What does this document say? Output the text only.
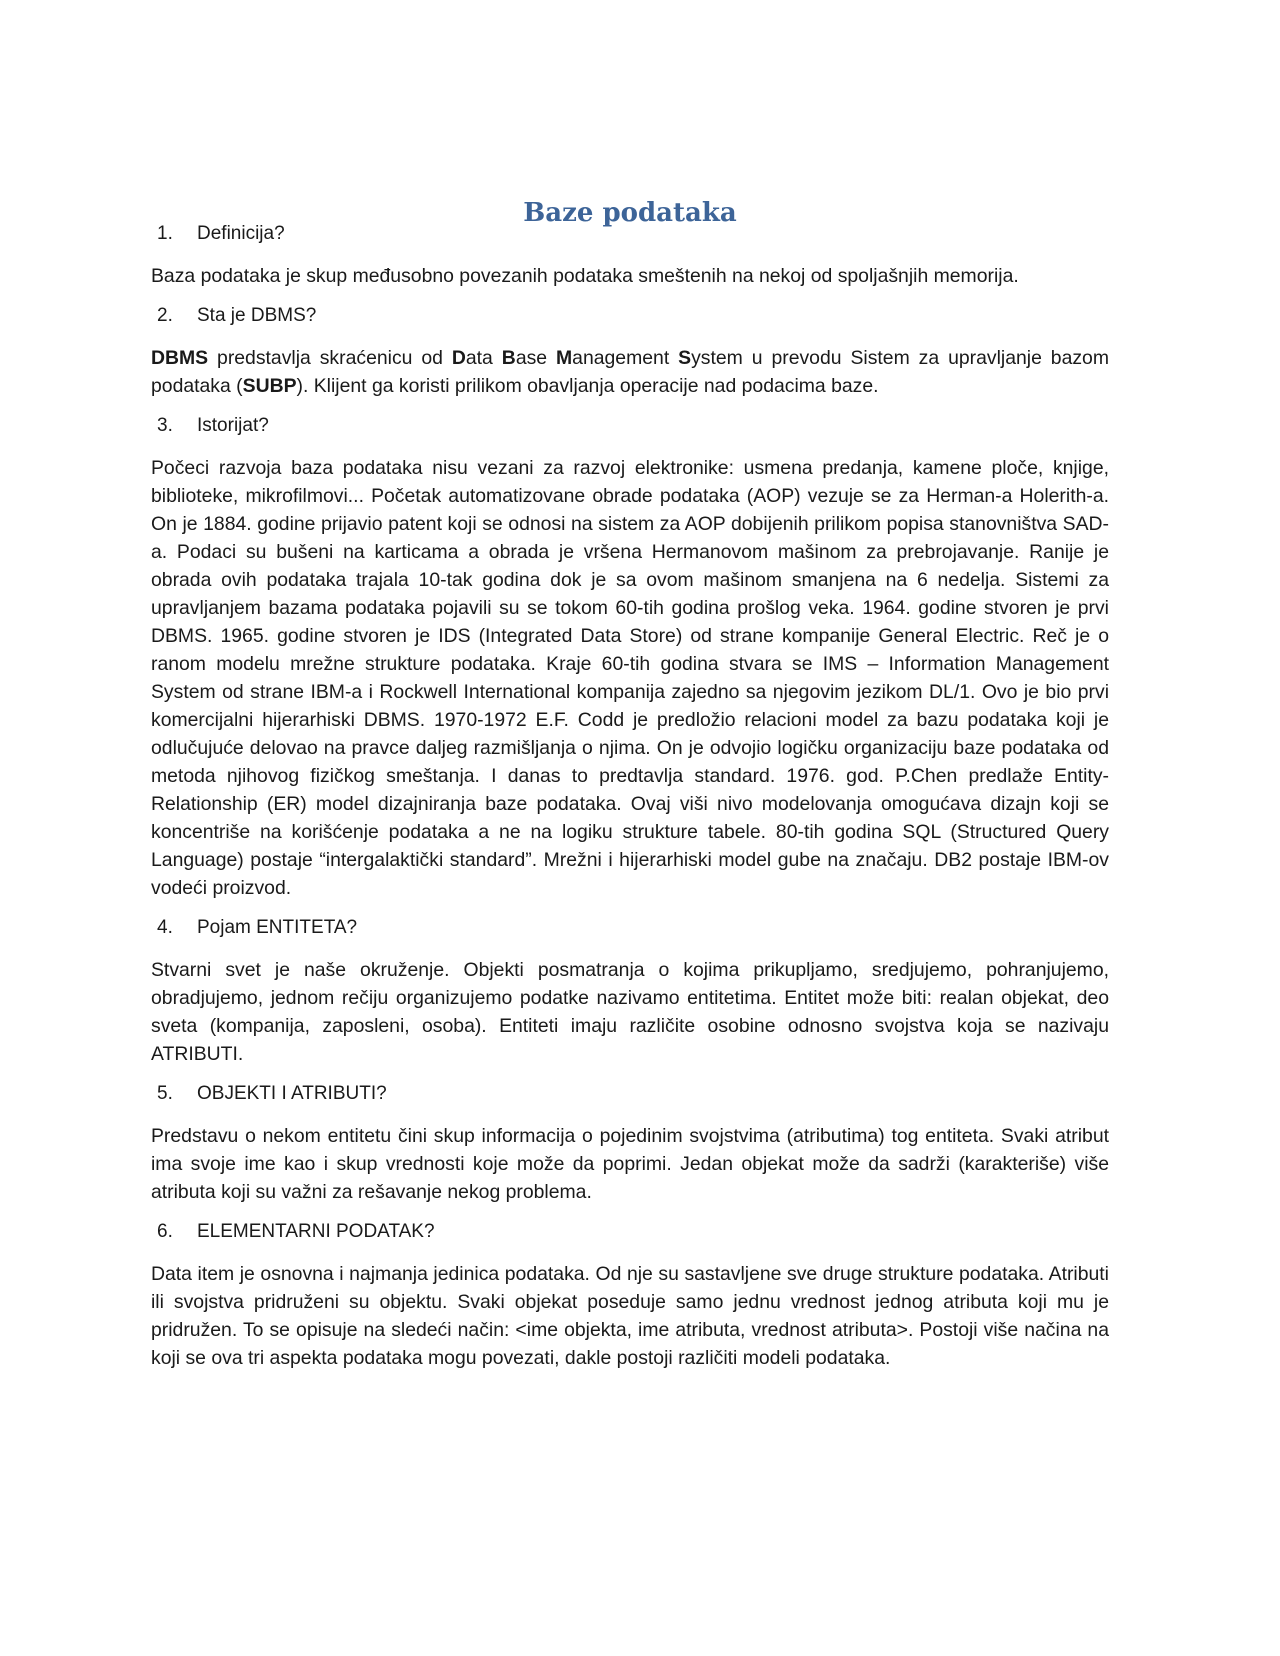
Baze podataka
1.	Definicija?

Baza podataka je skup međusobno povezanih podataka smeštenih na nekoj od spoljašnjih memorija.

2.	Sta je DBMS?

DBMS predstavlja skraćenicu od Data Base Management System u prevodu Sistem za upravljanje bazom podataka (SUBP). Klijent ga koristi prilikom obavljanja operacije nad podacima baze.

3.	Istorijat?

Počeci razvoja baza podataka nisu vezani za razvoj elektronike: usmena predanja, kamene ploče, knjige, biblioteke, mikrofilmovi... Početak automatizovane obrade podataka (AOP) vezuje se za Herman-a Holerith-a. On je 1884. godine prijavio patent koji se odnosi na sistem za AOP dobijenih prilikom popisa stanovništva SAD-a. Podaci su bušeni na karticama a obrada je vršena Hermanovom mašinom za prebrojavanje. Ranije je obrada ovih podataka trajala 10-tak godina dok je sa ovom mašinom smanjena na 6 nedelja. Sistemi za upravljanjem bazama podataka pojavili su se tokom 60-tih godina prošlog veka. 1964. godine stvoren je prvi DBMS. 1965. godine stvoren je IDS (Integrated Data Store) od strane kompanije General Electric. Reč je o ranom modelu mrežne strukture podataka. Kraje 60-tih godina stvara se IMS – Information Management System od strane IBM-a i Rockwell International kompanija zajedno sa njegovim jezikom DL/1. Ovo je bio prvi komercijalni hijerarhiski DBMS. 1970-1972 E.F. Codd je predložio relacioni model za bazu podataka koji je odlučujuće delovao na pravce daljeg razmišljanja o njima. On je odvojio logičku organizaciju baze podataka od metoda njihovog fizičkog smeštanja. I danas to predtavlja standard. 1976. god. P.Chen predlaže Entity-Relationship (ER) model dizajniranja baze podataka. Ovaj viši nivo modelovanja omogućava dizajn koji se koncentriše na korišćenje podataka a ne na logiku strukture tabele. 80-tih godina SQL (Structured Query Language) postaje “intergalaktički standard”. Mrežni i hijerarhiski model gube na značaju. DB2 postaje IBM-ov vodeći proizvod.

4.	Pojam ENTITETA?

Stvarni svet je naše okruženje. Objekti posmatranja o kojima prikupljamo, sredjujemo, pohranjujemo, obradjujemo, jednom rečiju organizujemo podatke nazivamo entitetima. Entitet može biti: realan objekat, deo sveta (kompanija, zaposleni, osoba). Entiteti imaju različite osobine odnosno svojstva koja se nazivaju ATRIBUTI.

5.	OBJEKTI I ATRIBUTI?

Predstavu o nekom entitetu čini skup informacija o pojedinim svojstvima (atributima) tog entiteta. Svaki atribut ima svoje ime kao i skup vrednosti koje može da poprimi. Jedan objekat može da sadrži (karakteriše) više atributa koji su važni za rešavanje nekog problema.

6.	ELEMENTARNI PODATAK?

Data item je osnovna i najmanja jedinica podataka. Od nje su sastavljene sve druge strukture podataka. Atributi ili svojstva pridruženi su objektu. Svaki objekat poseduje samo jednu vrednost jednog atributa koji mu je pridružen. To se opisuje na sledeći način: <ime objekta, ime atributa, vrednost atributa>. Postoji više načina na koji se ova tri aspekta podataka mogu povezati, dakle postoji različiti modeli podataka.
